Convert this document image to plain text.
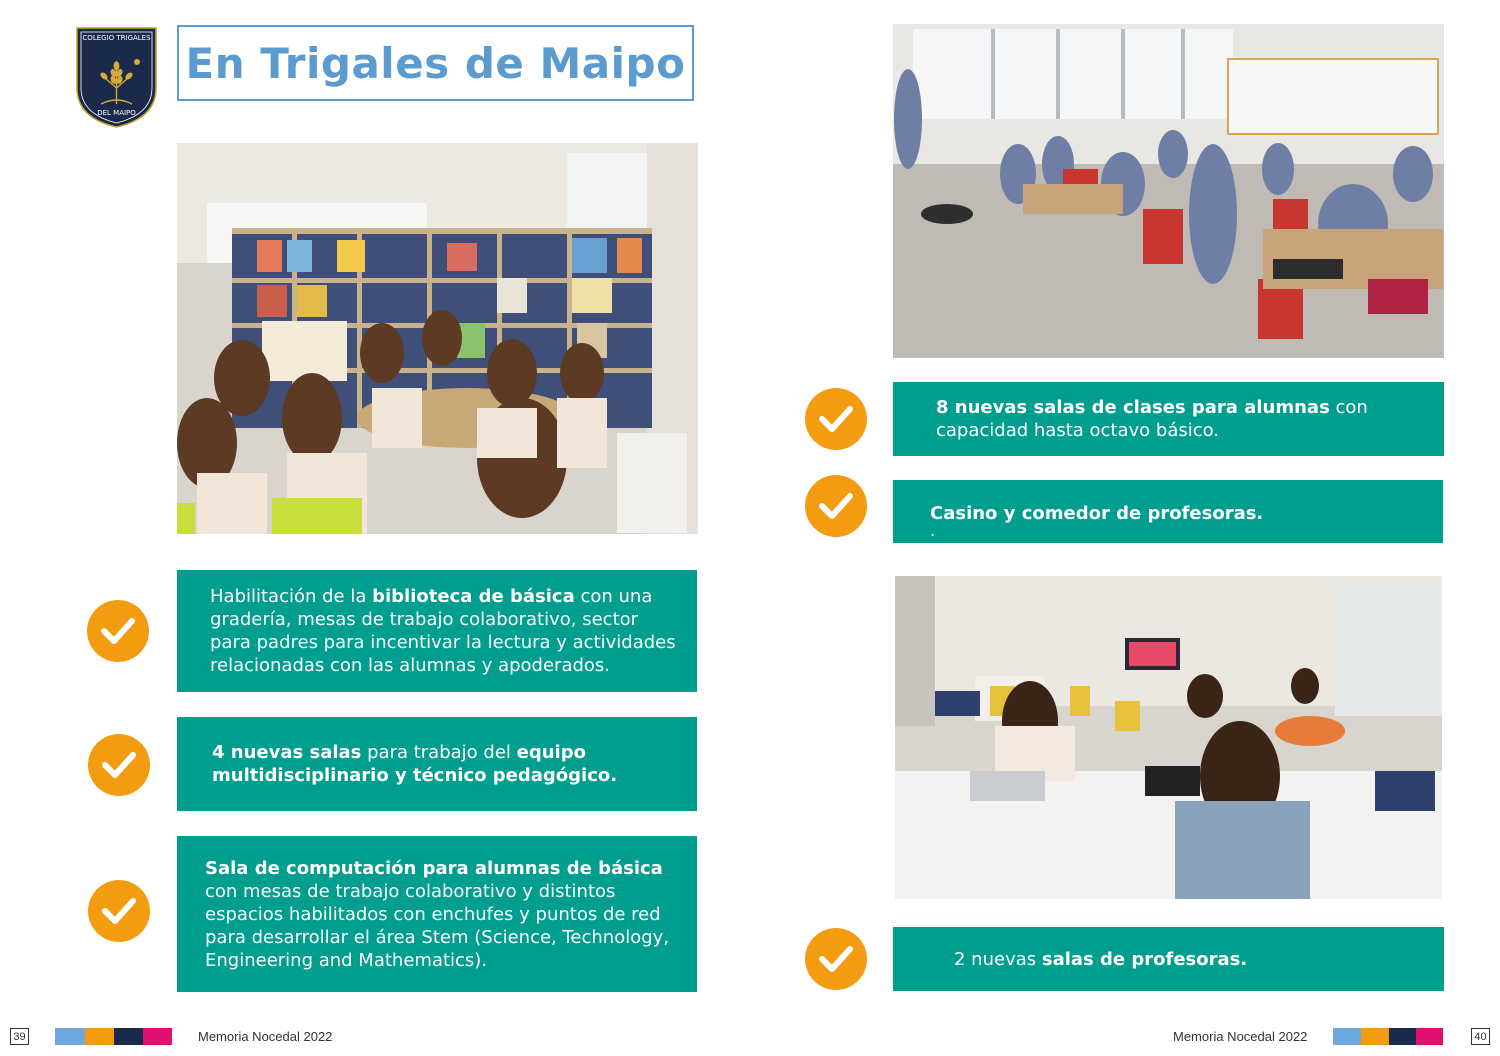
COLEGIO TRIGALES
DEL MAIPO
En Trigales de Maipo

Habilitación de la biblioteca de básica con una gradería, mesas de trabajo colaborativo, sector para padres para incentivar la lectura y actividades relacionadas con las alumnas y apoderados.

4 nuevas salas para trabajo del equipo multidisciplinario y técnico pedagógico.

Sala de computación para alumnas de básica con mesas de trabajo colaborativo y distintos espacios habilitados con enchufes y puntos de red para desarrollar el área Stem (Science, Technology, Engineering and Mathematics).

39	Memoria Nocedal 2022

8 nuevas salas de clases para alumnas con capacidad hasta octavo básico.

Casino y comedor de profesoras.

.

2 nuevas salas de profesoras.

Memoria Nocedal 2022	40
